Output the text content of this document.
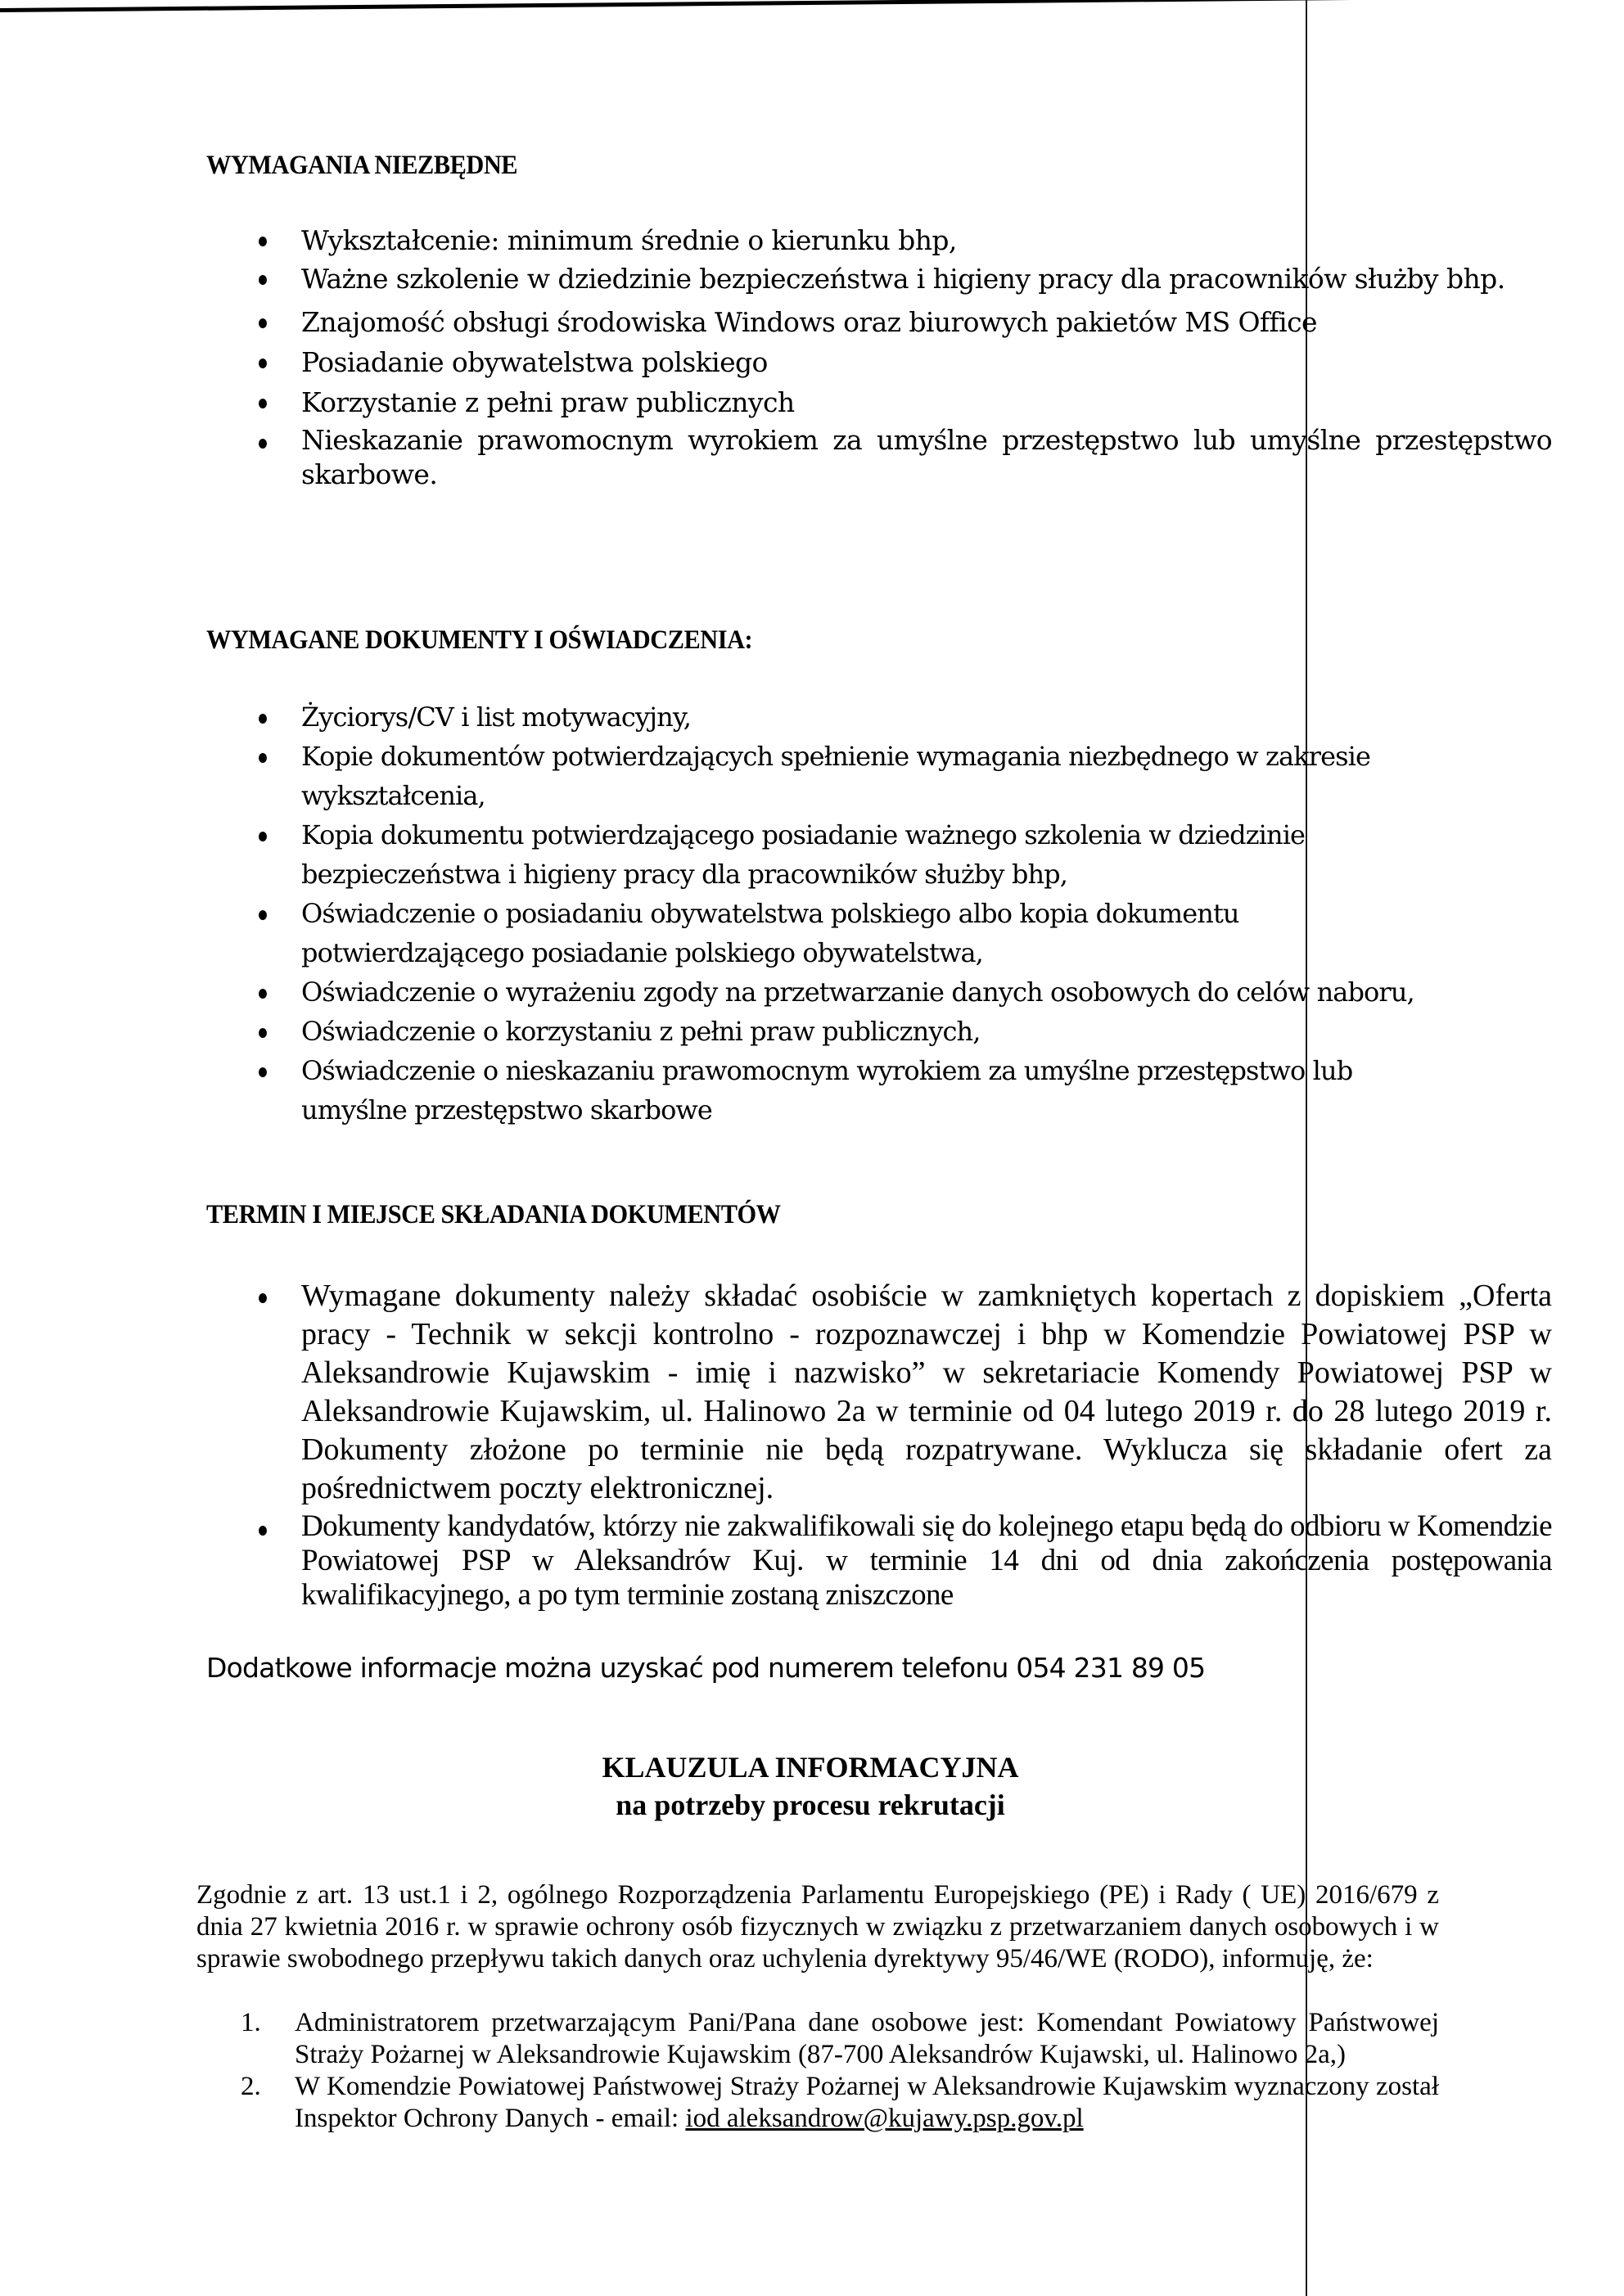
WYMAGANIA NIEZBĘDNE
Wykształcenie: minimum średnie o kierunku bhp,
Ważne szkolenie w dziedzinie bezpieczeństwa i higieny pracy dla pracowników służby bhp.
Znajomość obsługi środowiska Windows oraz biurowych pakietów MS Office
Posiadanie obywatelstwa polskiego
Korzystanie z pełni praw publicznych
Nieskazanie prawomocnym wyrokiem za umyślne przestępstwo lub umyślne przestępstwo skarbowe.
WYMAGANE DOKUMENTY I OŚWIADCZENIA:
Życiorys/CV i list motywacyjny,
Kopie dokumentów potwierdzających spełnienie wymagania niezbędnego w zakresie wykształcenia,
Kopia dokumentu potwierdzającego posiadanie ważnego szkolenia w dziedzinie bezpieczeństwa i higieny pracy dla pracowników służby bhp,
Oświadczenie o posiadaniu obywatelstwa polskiego albo kopia dokumentu potwierdzającego posiadanie polskiego obywatelstwa,
Oświadczenie o wyrażeniu zgody na przetwarzanie danych osobowych do celów naboru,
Oświadczenie o korzystaniu z pełni praw publicznych,
Oświadczenie o nieskazaniu prawomocnym wyrokiem za umyślne przestępstwo lub umyślne przestępstwo skarbowe
TERMIN I MIEJSCE SKŁADANIA DOKUMENTÓW
Wymagane dokumenty należy składać osobiście w zamkniętych kopertach z dopiskiem „Oferta pracy - Technik w sekcji kontrolno - rozpoznawczej i bhp w Komendzie Powiatowej PSP w Aleksandrowie Kujawskim - imię i nazwisko” w sekretariacie Komendy Powiatowej PSP w Aleksandrowie Kujawskim, ul. Halinowo 2a w terminie od 04 lutego 2019 r. do 28 lutego 2019 r. Dokumenty złożone po terminie nie będą rozpatrywane. Wyklucza się składanie ofert za pośrednictwem poczty elektronicznej.
Dokumenty kandydatów, którzy nie zakwalifikowali się do kolejnego etapu będą do odbioru w Komendzie Powiatowej PSP w Aleksandrów Kuj. w terminie 14 dni od dnia zakończenia postępowania kwalifikacyjnego, a po tym terminie zostaną zniszczone
Dodatkowe informacje można uzyskać pod numerem telefonu 054 231 89 05
KLAUZULA INFORMACYJNA
na potrzeby procesu rekrutacji
Zgodnie z art. 13 ust.1 i 2, ogólnego Rozporządzenia Parlamentu Europejskiego (PE) i Rady ( UE) 2016/679 z dnia 27 kwietnia 2016 r. w sprawie ochrony osób fizycznych w związku z przetwarzaniem danych osobowych i w sprawie swobodnego przepływu takich danych oraz uchylenia dyrektywy 95/46/WE (RODO), informuję, że:
1. Administratorem przetwarzającym Pani/Pana dane osobowe jest: Komendant Powiatowy Państwowej Straży Pożarnej w Aleksandrowie Kujawskim (87-700 Aleksandrów Kujawski, ul. Halinowo 2a,)
2. W Komendzie Powiatowej Państwowej Straży Pożarnej w Aleksandrowie Kujawskim wyznaczony został Inspektor Ochrony Danych - email: iod aleksandrow@kujawy.psp.gov.pl
